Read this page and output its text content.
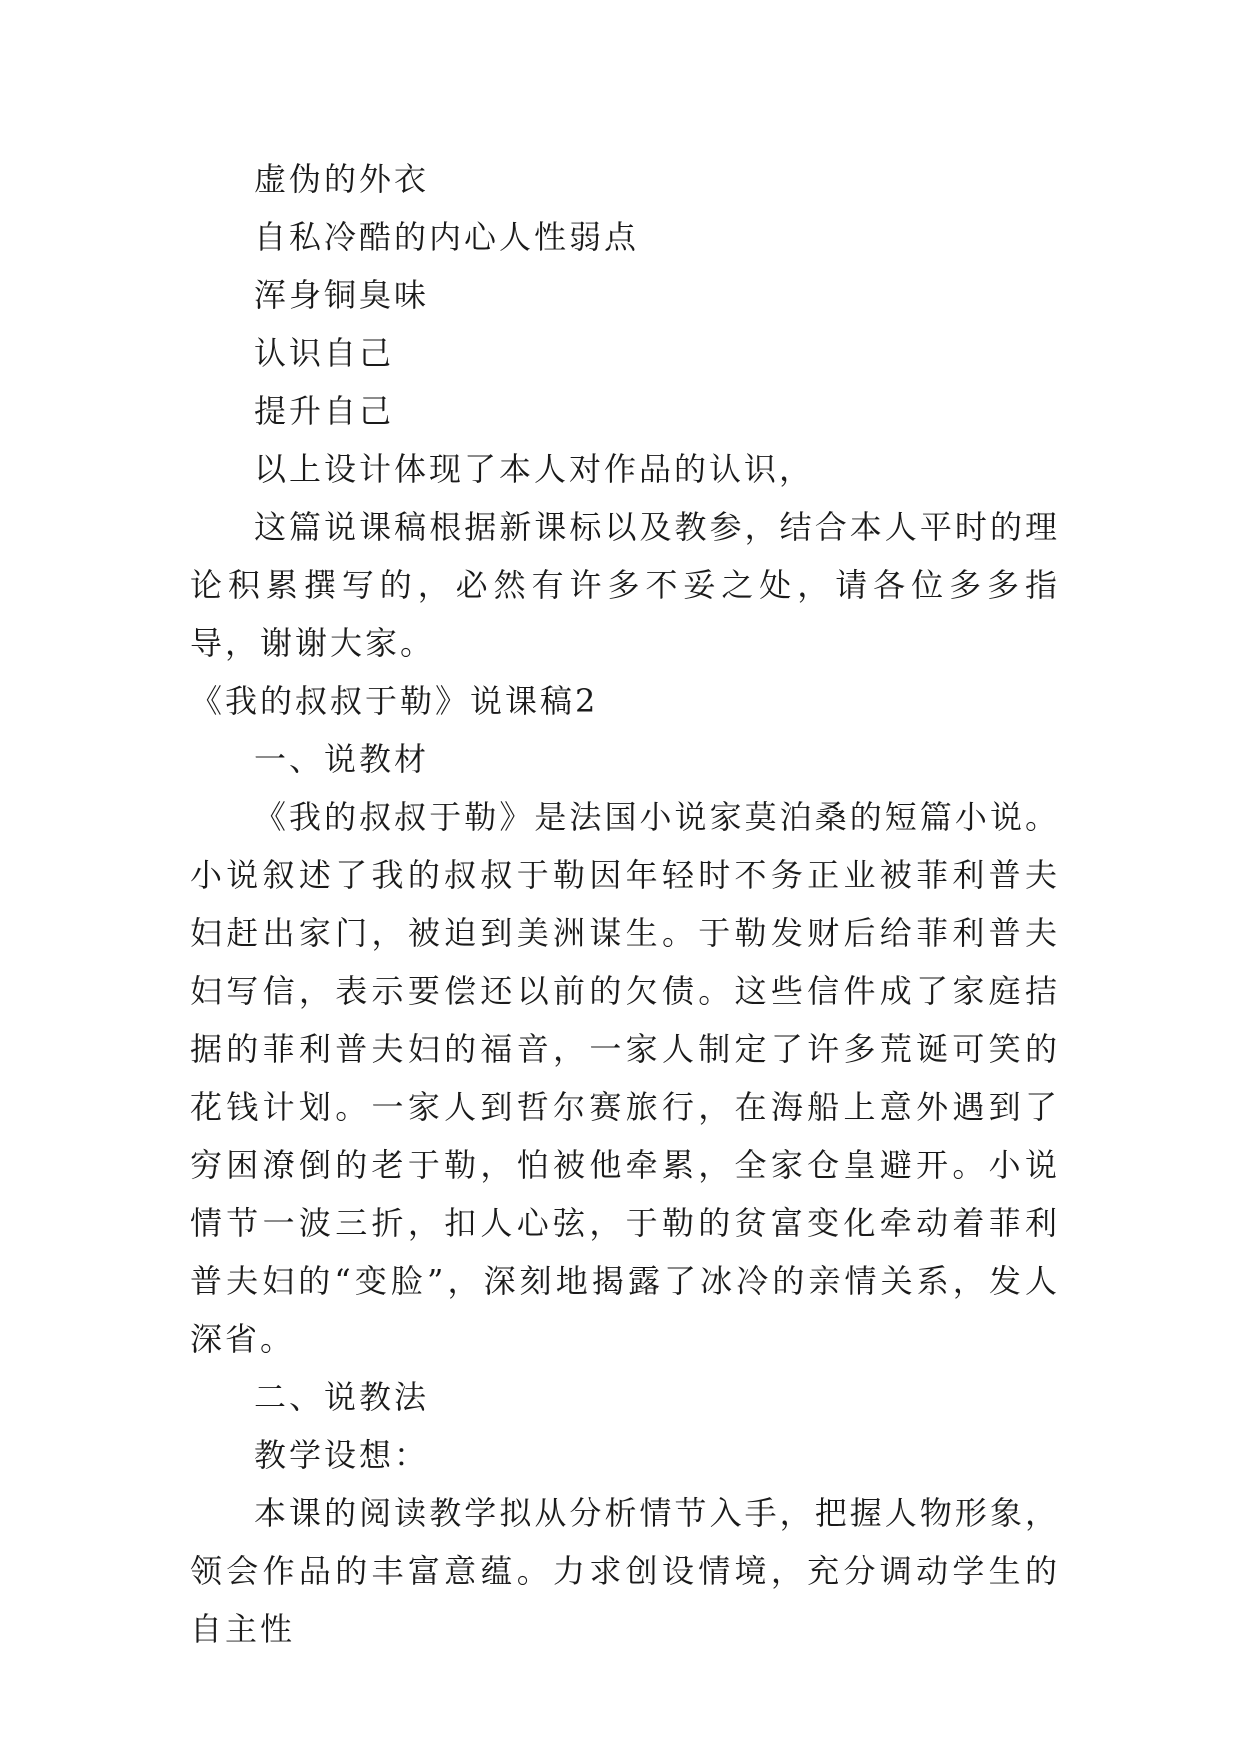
虚伪的外衣

自私冷酷的内心人性弱点

浑身铜臭味

认识自己

提升自己

以上设计体现了本人对作品的认识，

这篇说课稿根据新课标以及教参，结合本人平时的理论积累撰写的，必然有许多不妥之处，请各位多多指导，谢谢大家。

《我的叔叔于勒》说课稿2

一、说教材

《我的叔叔于勒》是法国小说家莫泊桑的短篇小说。小说叙述了我的叔叔于勒因年轻时不务正业被菲利普夫妇赶出家门，被迫到美洲谋生。于勒发财后给菲利普夫妇写信，表示要偿还以前的欠债。这些信件成了家庭拮据的菲利普夫妇的福音，一家人制定了许多荒诞可笑的花钱计划。一家人到哲尔赛旅行，在海船上意外遇到了穷困潦倒的老于勒，怕被他牵累，全家仓皇避开。小说情节一波三折，扣人心弦，于勒的贫富变化牵动着菲利普夫妇的“变脸”，深刻地揭露了冰冷的亲情关系，发人深省。

二、说教法

教学设想：

本课的阅读教学拟从分析情节入手，把握人物形象，领会作品的丰富意蕴。力求创设情境，充分调动学生的自主性
